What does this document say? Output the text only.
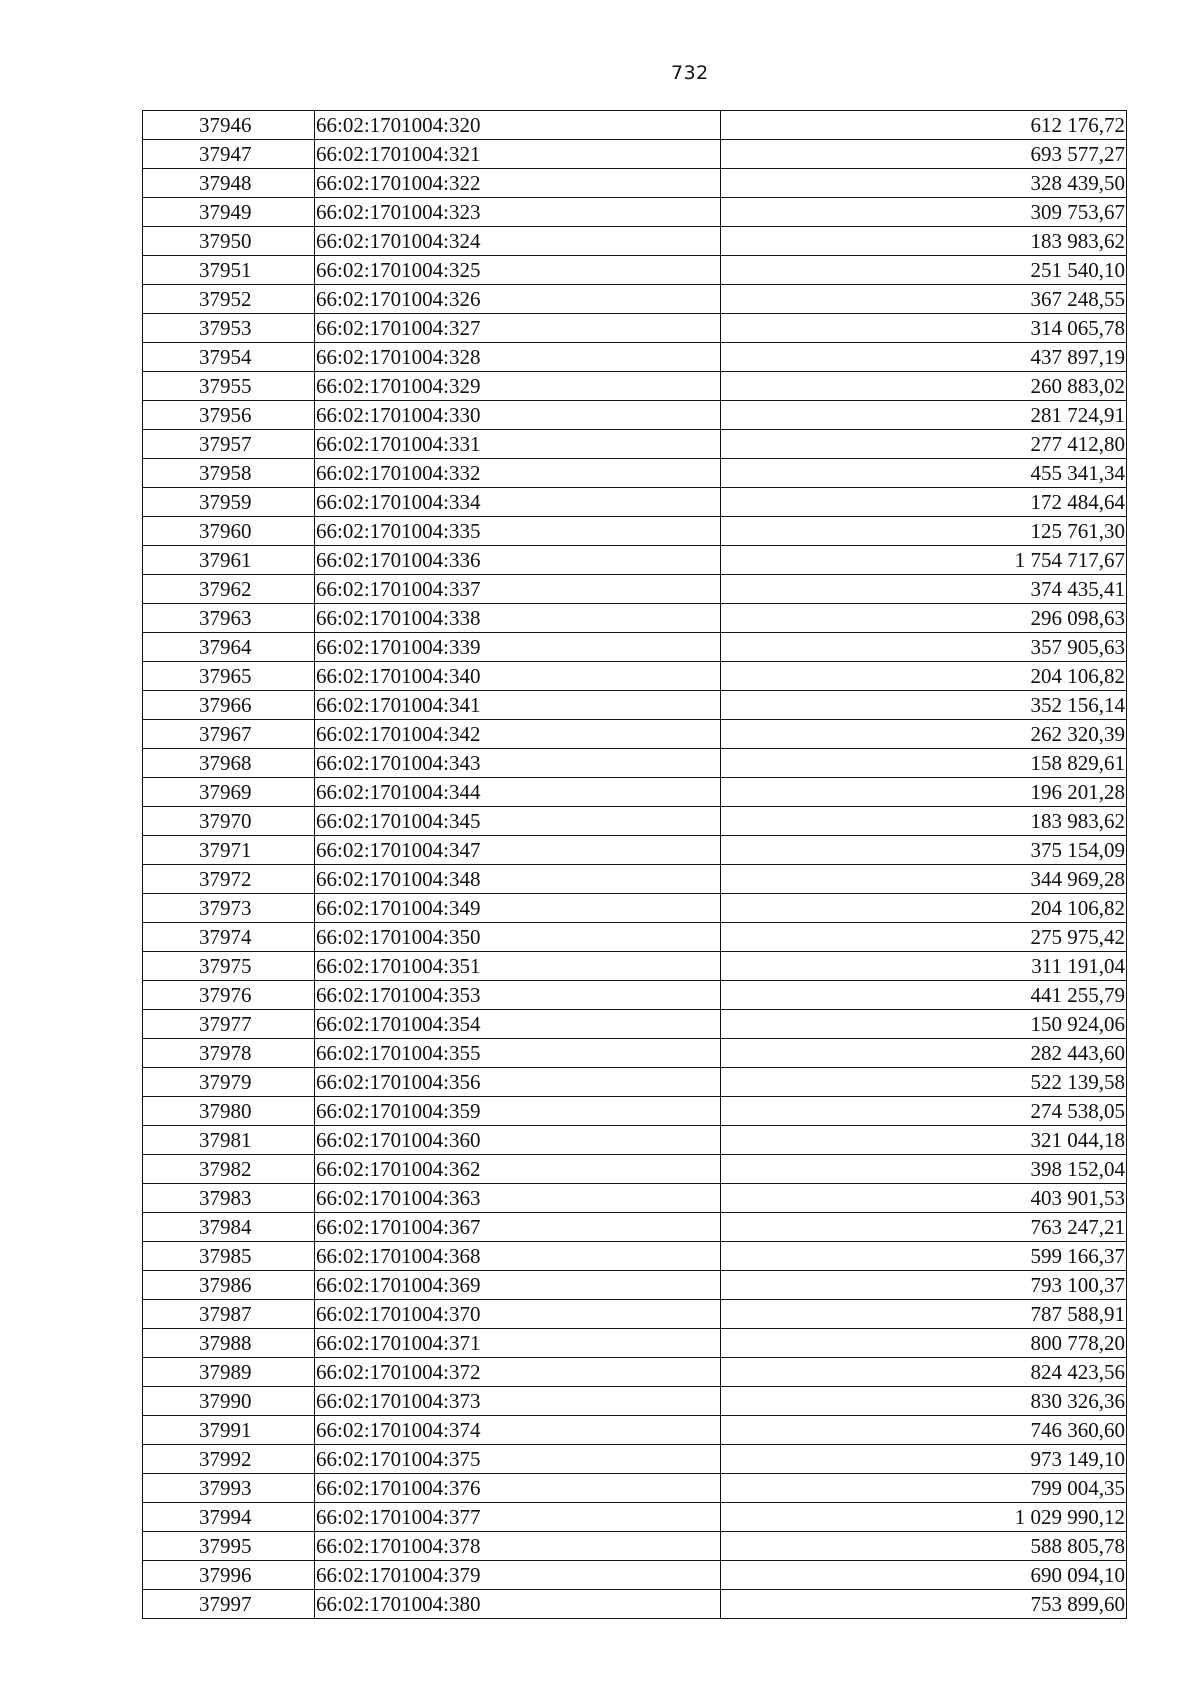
732
37946	66:02:1701004:320	612 176,72
37947	66:02:1701004:321	693 577,27
37948	66:02:1701004:322	328 439,50
37949	66:02:1701004:323	309 753,67
37950	66:02:1701004:324	183 983,62
37951	66:02:1701004:325	251 540,10
37952	66:02:1701004:326	367 248,55
37953	66:02:1701004:327	314 065,78
37954	66:02:1701004:328	437 897,19
37955	66:02:1701004:329	260 883,02
37956	66:02:1701004:330	281 724,91
37957	66:02:1701004:331	277 412,80
37958	66:02:1701004:332	455 341,34
37959	66:02:1701004:334	172 484,64
37960	66:02:1701004:335	125 761,30
37961	66:02:1701004:336	1 754 717,67
37962	66:02:1701004:337	374 435,41
37963	66:02:1701004:338	296 098,63
37964	66:02:1701004:339	357 905,63
37965	66:02:1701004:340	204 106,82
37966	66:02:1701004:341	352 156,14
37967	66:02:1701004:342	262 320,39
37968	66:02:1701004:343	158 829,61
37969	66:02:1701004:344	196 201,28
37970	66:02:1701004:345	183 983,62
37971	66:02:1701004:347	375 154,09
37972	66:02:1701004:348	344 969,28
37973	66:02:1701004:349	204 106,82
37974	66:02:1701004:350	275 975,42
37975	66:02:1701004:351	311 191,04
37976	66:02:1701004:353	441 255,79
37977	66:02:1701004:354	150 924,06
37978	66:02:1701004:355	282 443,60
37979	66:02:1701004:356	522 139,58
37980	66:02:1701004:359	274 538,05
37981	66:02:1701004:360	321 044,18
37982	66:02:1701004:362	398 152,04
37983	66:02:1701004:363	403 901,53
37984	66:02:1701004:367	763 247,21
37985	66:02:1701004:368	599 166,37
37986	66:02:1701004:369	793 100,37
37987	66:02:1701004:370	787 588,91
37988	66:02:1701004:371	800 778,20
37989	66:02:1701004:372	824 423,56
37990	66:02:1701004:373	830 326,36
37991	66:02:1701004:374	746 360,60
37992	66:02:1701004:375	973 149,10
37993	66:02:1701004:376	799 004,35
37994	66:02:1701004:377	1 029 990,12
37995	66:02:1701004:378	588 805,78
37996	66:02:1701004:379	690 094,10
37997	66:02:1701004:380	753 899,60
